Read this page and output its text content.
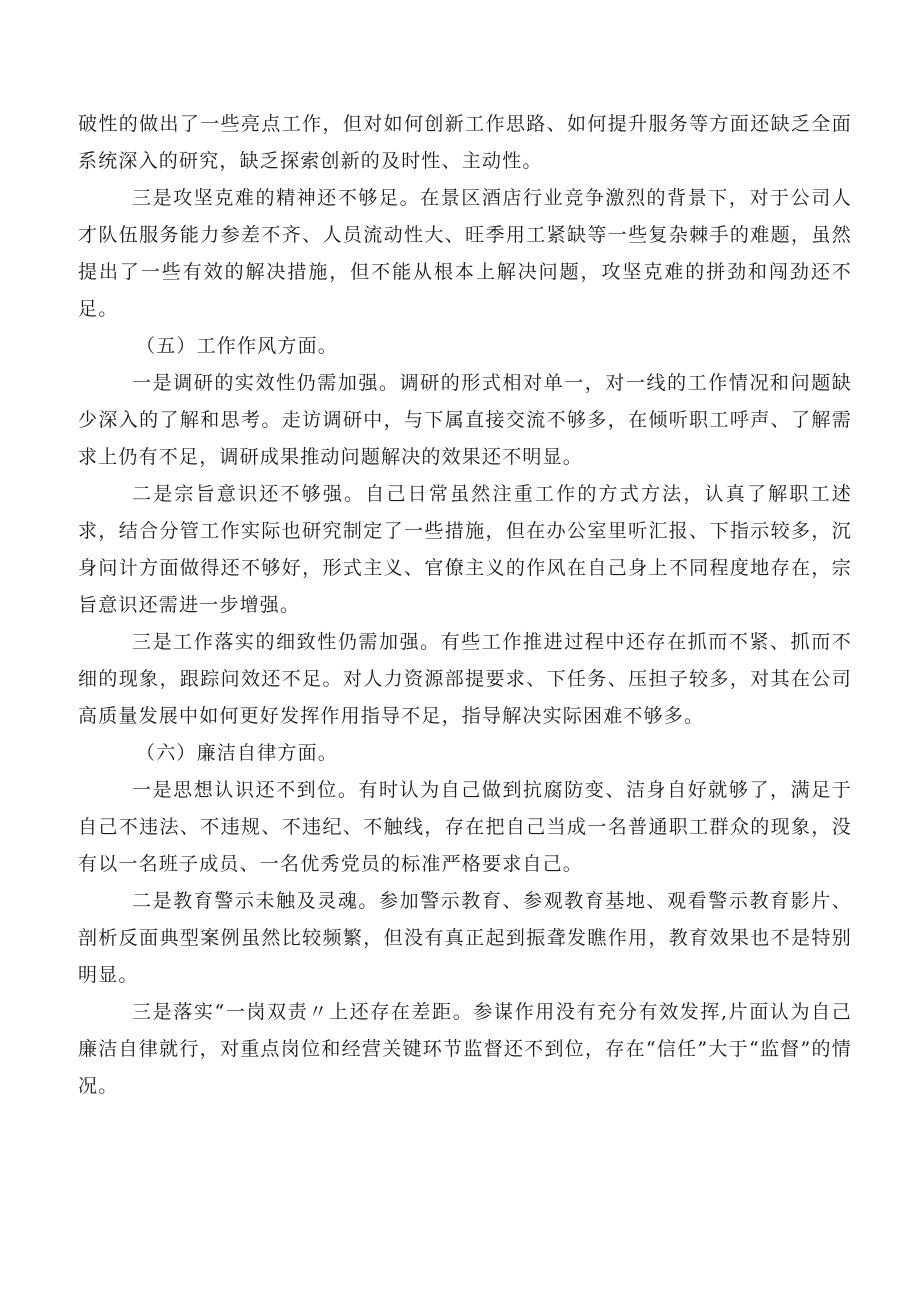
破性的做出了一些亮点工作，但对如何创新工作思路、如何提升服务等方面还缺乏全面系统深入的研究，缺乏探索创新的及时性、主动性。

三是攻坚克难的精神还不够足。在景区酒店行业竞争激烈的背景下，对于公司人才队伍服务能力参差不齐、人员流动性大、旺季用工紧缺等一些复杂棘手的难题，虽然提出了一些有效的解决措施，但不能从根本上解决问题，攻坚克难的拼劲和闯劲还不足。

（五）工作作风方面。

一是调研的实效性仍需加强。调研的形式相对单一，对一线的工作情况和问题缺少深入的了解和思考。走访调研中，与下属直接交流不够多，在倾听职工呼声、了解需求上仍有不足，调研成果推动问题解决的效果还不明显。

二是宗旨意识还不够强。自己日常虽然注重工作的方式方法，认真了解职工述求，结合分管工作实际也研究制定了一些措施，但在办公室里听汇报、下指示较多，沉身问计方面做得还不够好，形式主义、官僚主义的作风在自己身上不同程度地存在，宗旨意识还需进一步增强。

三是工作落实的细致性仍需加强。有些工作推进过程中还存在抓而不紧、抓而不细的现象，跟踪问效还不足。对人力资源部提要求、下任务、压担子较多，对其在公司高质量发展中如何更好发挥作用指导不足，指导解决实际困难不够多。

（六）廉洁自律方面。

一是思想认识还不到位。有时认为自己做到抗腐防变、洁身自好就够了，满足于自己不违法、不违规、不违纪、不触线，存在把自己当成一名普通职工群众的现象，没有以一名班子成员、一名优秀党员的标准严格要求自己。

二是教育警示未触及灵魂。参加警示教育、参观教育基地、观看警示教育影片、剖析反面典型案例虽然比较频繁，但没有真正起到振聋发瞧作用，教育效果也不是特别明显。

三是落实“一岗双责〃上还存在差距。参谋作用没有充分有效发挥,片面认为自己廉洁自律就行，对重点岗位和经营关键环节监督还不到位，存在“信任”大于“监督”的情况。
